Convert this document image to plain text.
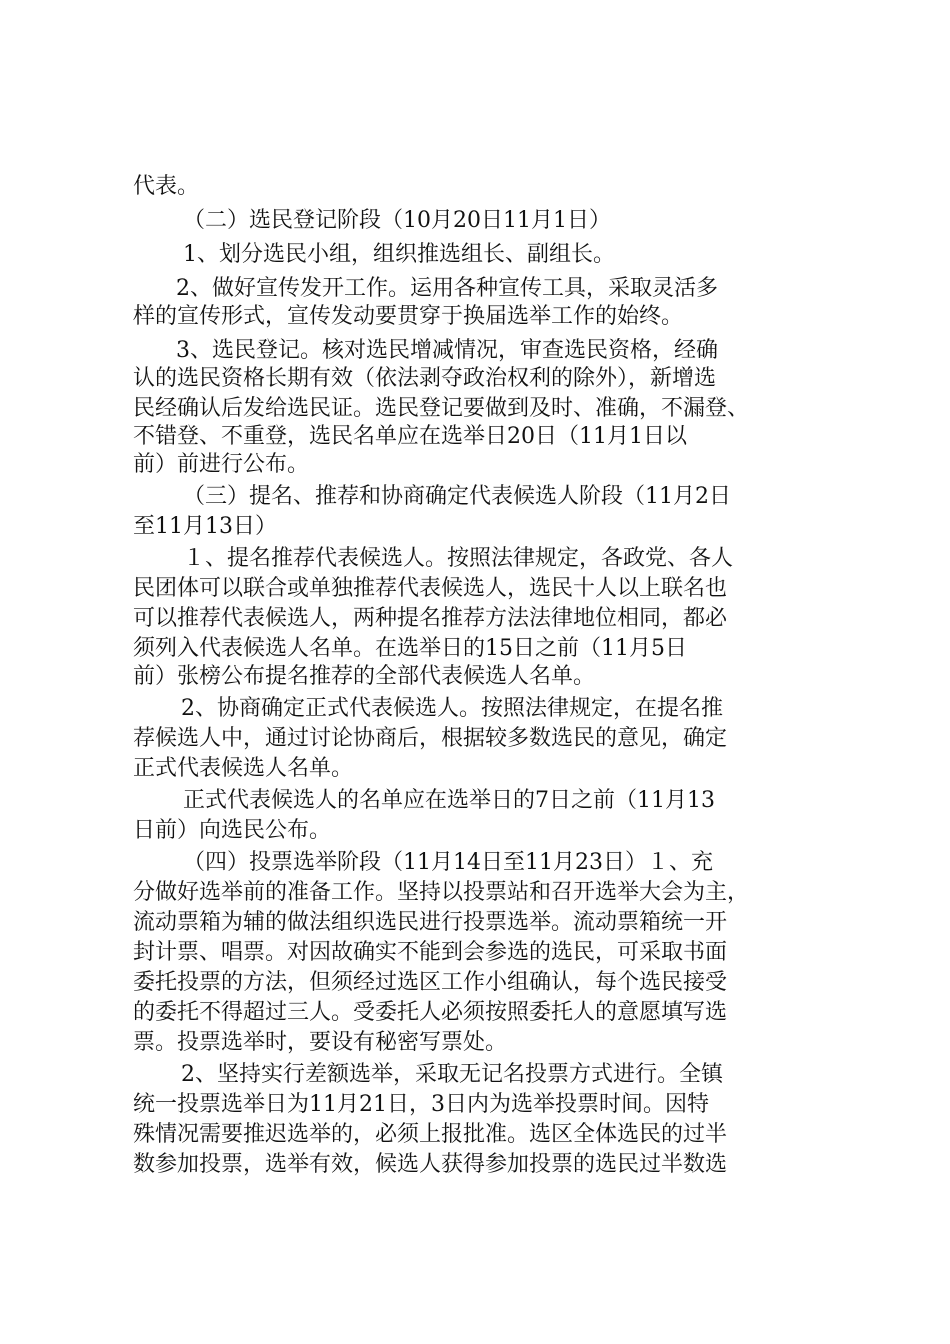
代表。
（二）选民登记阶段（10月20日11月1日）
1、划分选民小组，组织推选组长、副组长。
2、做好宣传发开工作。运用各种宣传工具，采取灵活多
样的宣传形式，宣传发动要贯穿于换届选举工作的始终。
3、选民登记。核对选民增减情况，审查选民资格，经确
认的选民资格长期有效（依法剥夺政治权利的除外），新增选
民经确认后发给选民证。选民登记要做到及时、准确，不漏登、
不错登、不重登，选民名单应在选举日20日（11月1日以
前）前进行公布。
（三）提名、推荐和协商确定代表候选人阶段（11月2日
至11月13日）
１、提名推荐代表候选人。按照法律规定，各政党、各人
民团体可以联合或单独推荐代表候选人，选民十人以上联名也
可以推荐代表候选人，两种提名推荐方法法律地位相同，都必
须列入代表候选人名单。在选举日的15日之前（11月5日
前）张榜公布提名推荐的全部代表候选人名单。
2、协商确定正式代表候选人。按照法律规定，在提名推
荐候选人中，通过讨论协商后，根据较多数选民的意见，确定
正式代表候选人名单。
正式代表候选人的名单应在选举日的7日之前（11月13
日前）向选民公布。
（四）投票选举阶段（11月14日至11月23日）１、充
分做好选举前的准备工作。坚持以投票站和召开选举大会为主，
流动票箱为辅的做法组织选民进行投票选举。流动票箱统一开
封计票、唱票。对因故确实不能到会参选的选民，可采取书面
委托投票的方法，但须经过选区工作小组确认，每个选民接受
的委托不得超过三人。受委托人必须按照委托人的意愿填写选
票。投票选举时，要设有秘密写票处。
2、坚持实行差额选举，采取无记名投票方式进行。全镇
统一投票选举日为11月21日，3日内为选举投票时间。因特
殊情况需要推迟选举的，必须上报批准。选区全体选民的过半
数参加投票，选举有效，候选人获得参加投票的选民过半数选
